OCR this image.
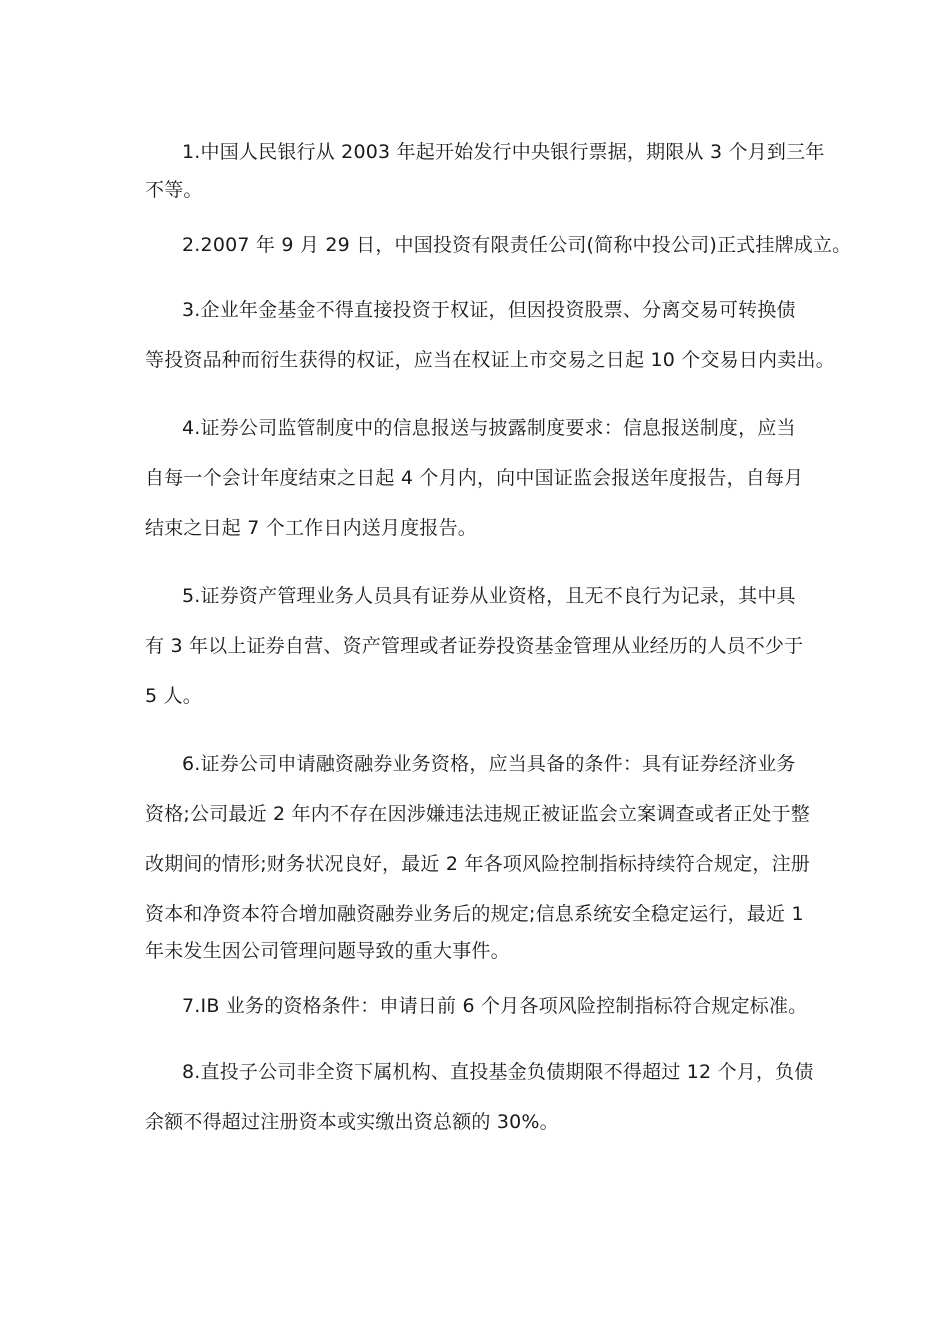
1.中国人民银行从 2003 年起开始发行中央银行票据，期限从 3 个月到三年
不等。
2.2007 年 9 月 29 日，中国投资有限责任公司(简称中投公司)正式挂牌成立。
3.企业年金基金不得直接投资于权证，但因投资股票、分离交易可转换债
等投资品种而衍生获得的权证，应当在权证上市交易之日起 10 个交易日内卖出。
4.证券公司监管制度中的信息报送与披露制度要求：信息报送制度，应当
自每一个会计年度结束之日起 4 个月内，向中国证监会报送年度报告，自每月
结束之日起 7 个工作日内送月度报告。
5.证券资产管理业务人员具有证券从业资格，且无不良行为记录，其中具
有 3 年以上证券自营、资产管理或者证券投资基金管理从业经历的人员不少于
5 人。
6.证券公司申请融资融券业务资格，应当具备的条件：具有证券经济业务
资格;公司最近 2 年内不存在因涉嫌违法违规正被证监会立案调查或者正处于整
改期间的情形;财务状况良好，最近 2 年各项风险控制指标持续符合规定，注册
资本和净资本符合增加融资融券业务后的规定;信息系统安全稳定运行，最近 1
年未发生因公司管理问题导致的重大事件。
7.IB 业务的资格条件：申请日前 6 个月各项风险控制指标符合规定标准。
8.直投子公司非全资下属机构、直投基金负债期限不得超过 12 个月，负债
余额不得超过注册资本或实缴出资总额的 30%。
